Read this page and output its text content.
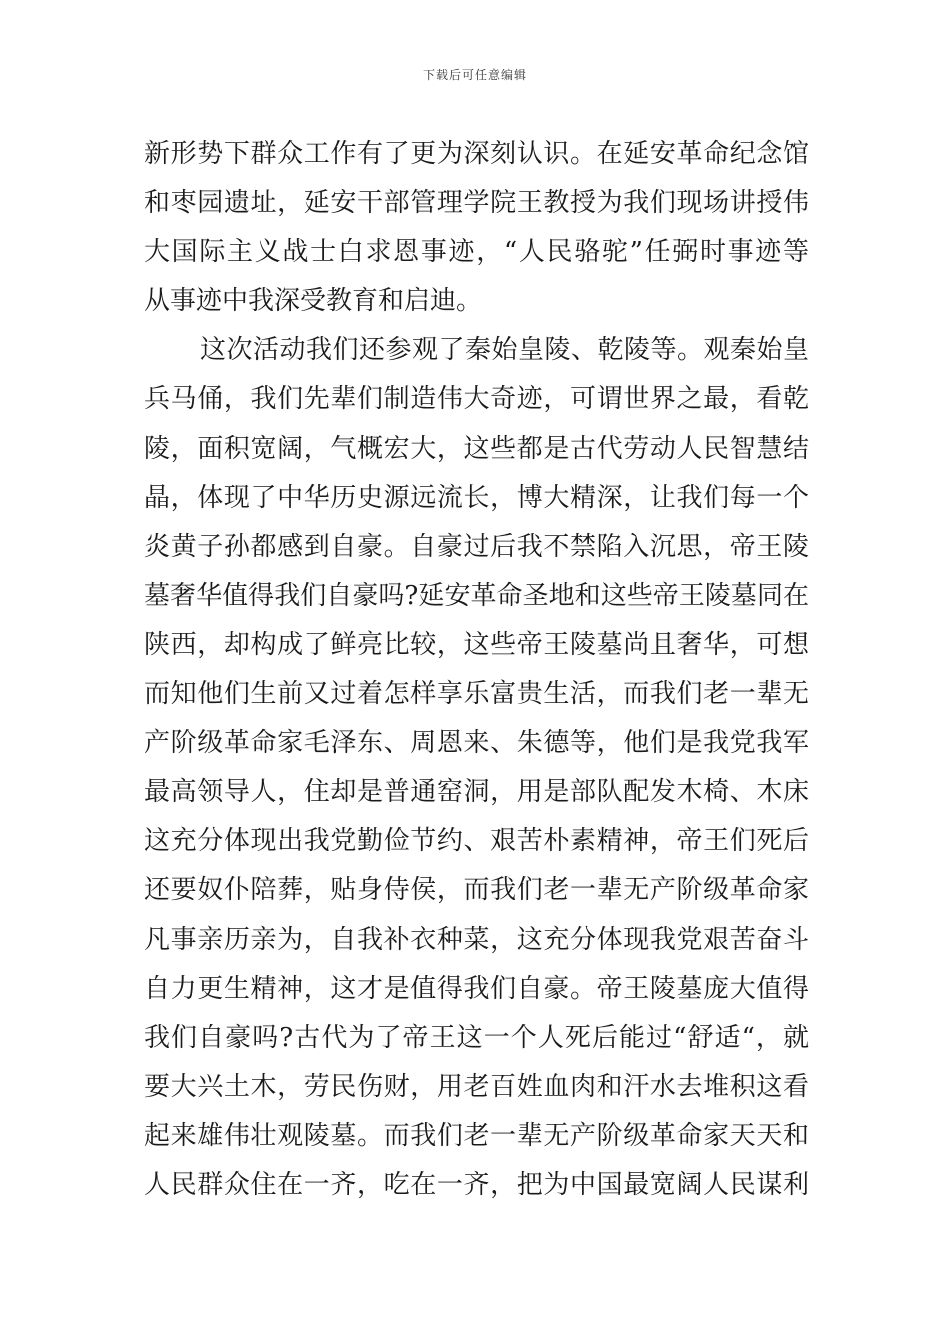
下载后可任意编辑
新形势下群众工作有了更为深刻认识。在延安革命纪念馆
和枣园遗址，延安干部管理学院王教授为我们现场讲授伟
大国际主义战士白求恩事迹，“人民骆驼”任弼时事迹等
从事迹中我深受教育和启迪。
这次活动我们还参观了秦始皇陵、乾陵等。观秦始皇
兵马俑，我们先辈们制造伟大奇迹，可谓世界之最，看乾
陵，面积宽阔，气概宏大，这些都是古代劳动人民智慧结
晶，体现了中华历史源远流长，博大精深，让我们每一个
炎黄子孙都感到自豪。自豪过后我不禁陷入沉思，帝王陵
墓奢华值得我们自豪吗?延安革命圣地和这些帝王陵墓同在
陕西，却构成了鲜亮比较，这些帝王陵墓尚且奢华，可想
而知他们生前又过着怎样享乐富贵生活，而我们老一辈无
产阶级革命家毛泽东、周恩来、朱德等，他们是我党我军
最高领导人，住却是普通窑洞，用是部队配发木椅、木床
这充分体现出我党勤俭节约、艰苦朴素精神，帝王们死后
还要奴仆陪葬，贴身侍侯，而我们老一辈无产阶级革命家
凡事亲历亲为，自我补衣种菜，这充分体现我党艰苦奋斗
自力更生精神，这才是值得我们自豪。帝王陵墓庞大值得
我们自豪吗?古代为了帝王这一个人死后能过“舒适“，就
要大兴土木，劳民伤财，用老百姓血肉和汗水去堆积这看
起来雄伟壮观陵墓。而我们老一辈无产阶级革命家天天和
人民群众住在一齐，吃在一齐，把为中国最宽阔人民谋利
